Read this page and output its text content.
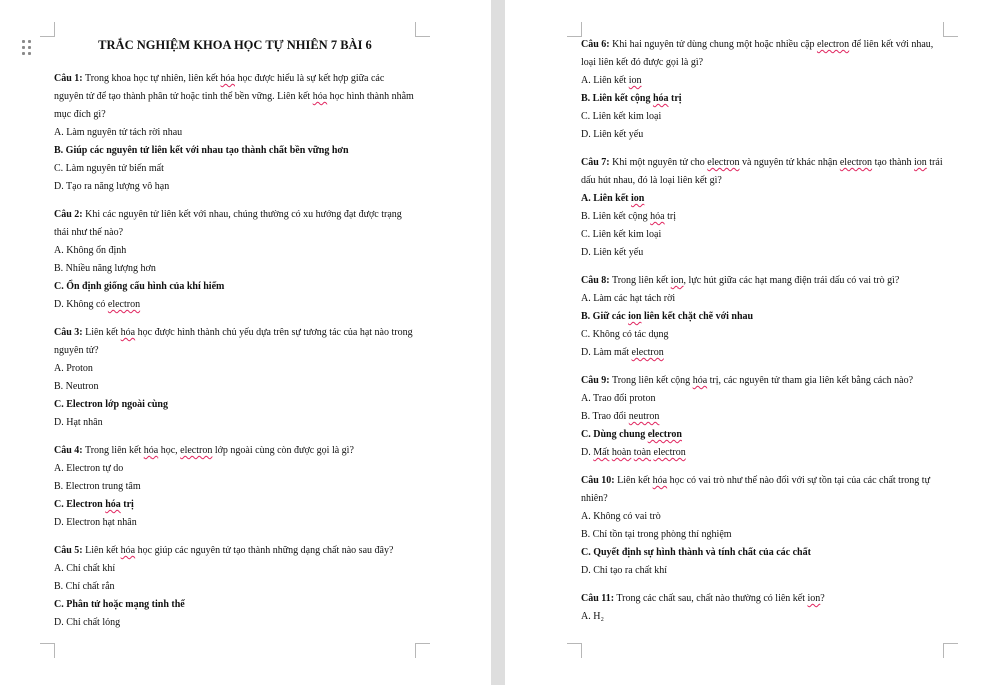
TRẮC NGHIỆM KHOA HỌC TỰ NHIÊN 7 BÀI 6

Câu 1: Trong khoa học tự nhiên, liên kết hóa học được hiểu là sự kết hợp giữa các nguyên tử để tạo thành phân tử hoặc tinh thể bền vững. Liên kết hóa học hình thành nhằm mục đích gì?

A. Làm nguyên tử tách rời nhau

B. Giúp các nguyên tử liên kết với nhau tạo thành chất bền vững hơn

C. Làm nguyên tử biến mất

D. Tạo ra năng lượng vô hạn

Câu 2: Khi các nguyên tử liên kết với nhau, chúng thường có xu hướng đạt được trạng thái như thế nào?

A. Không ổn định

B. Nhiều năng lượng hơn

C. Ổn định giống cấu hình của khí hiếm

D. Không có electron

Câu 3: Liên kết hóa học được hình thành chủ yếu dựa trên sự tương tác của hạt nào trong nguyên tử?

A. Proton

B. Neutron

C. Electron lớp ngoài cùng

D. Hạt nhân

Câu 4: Trong liên kết hóa học, electron lớp ngoài cùng còn được gọi là gì?

A. Electron tự do

B. Electron trung tâm

C. Electron hóa trị

D. Electron hạt nhân

Câu 5: Liên kết hóa học giúp các nguyên tử tạo thành những dạng chất nào sau đây?

A. Chỉ chất khí

B. Chỉ chất rắn

C. Phân tử hoặc mạng tinh thể

D. Chỉ chất lỏng

Câu 6: Khi hai nguyên tử dùng chung một hoặc nhiều cặp electron để liên kết với nhau, loại liên kết đó được gọi là gì?

A. Liên kết ion

B. Liên kết cộng hóa trị

C. Liên kết kim loại

D. Liên kết yếu

Câu 7: Khi một nguyên tử cho electron và nguyên tử khác nhận electron tạo thành ion trái dấu hút nhau, đó là loại liên kết gì?

A. Liên kết ion

B. Liên kết cộng hóa trị

C. Liên kết kim loại

D. Liên kết yếu

Câu 8: Trong liên kết ion, lực hút giữa các hạt mang điện trái dấu có vai trò gì?

A. Làm các hạt tách rời

B. Giữ các ion liên kết chặt chẽ với nhau

C. Không có tác dụng

D. Làm mất electron

Câu 9: Trong liên kết cộng hóa trị, các nguyên tử tham gia liên kết bằng cách nào?

A. Trao đổi proton

B. Trao đổi neutron

C. Dùng chung electron

D. Mất hoàn toàn electron

Câu 10: Liên kết hóa học có vai trò như thế nào đối với sự tồn tại của các chất trong tự nhiên?

A. Không có vai trò

B. Chỉ tồn tại trong phòng thí nghiệm

C. Quyết định sự hình thành và tính chất của các chất

D. Chỉ tạo ra chất khí

Câu 11: Trong các chất sau, chất nào thường có liên kết ion?

A. H₂
